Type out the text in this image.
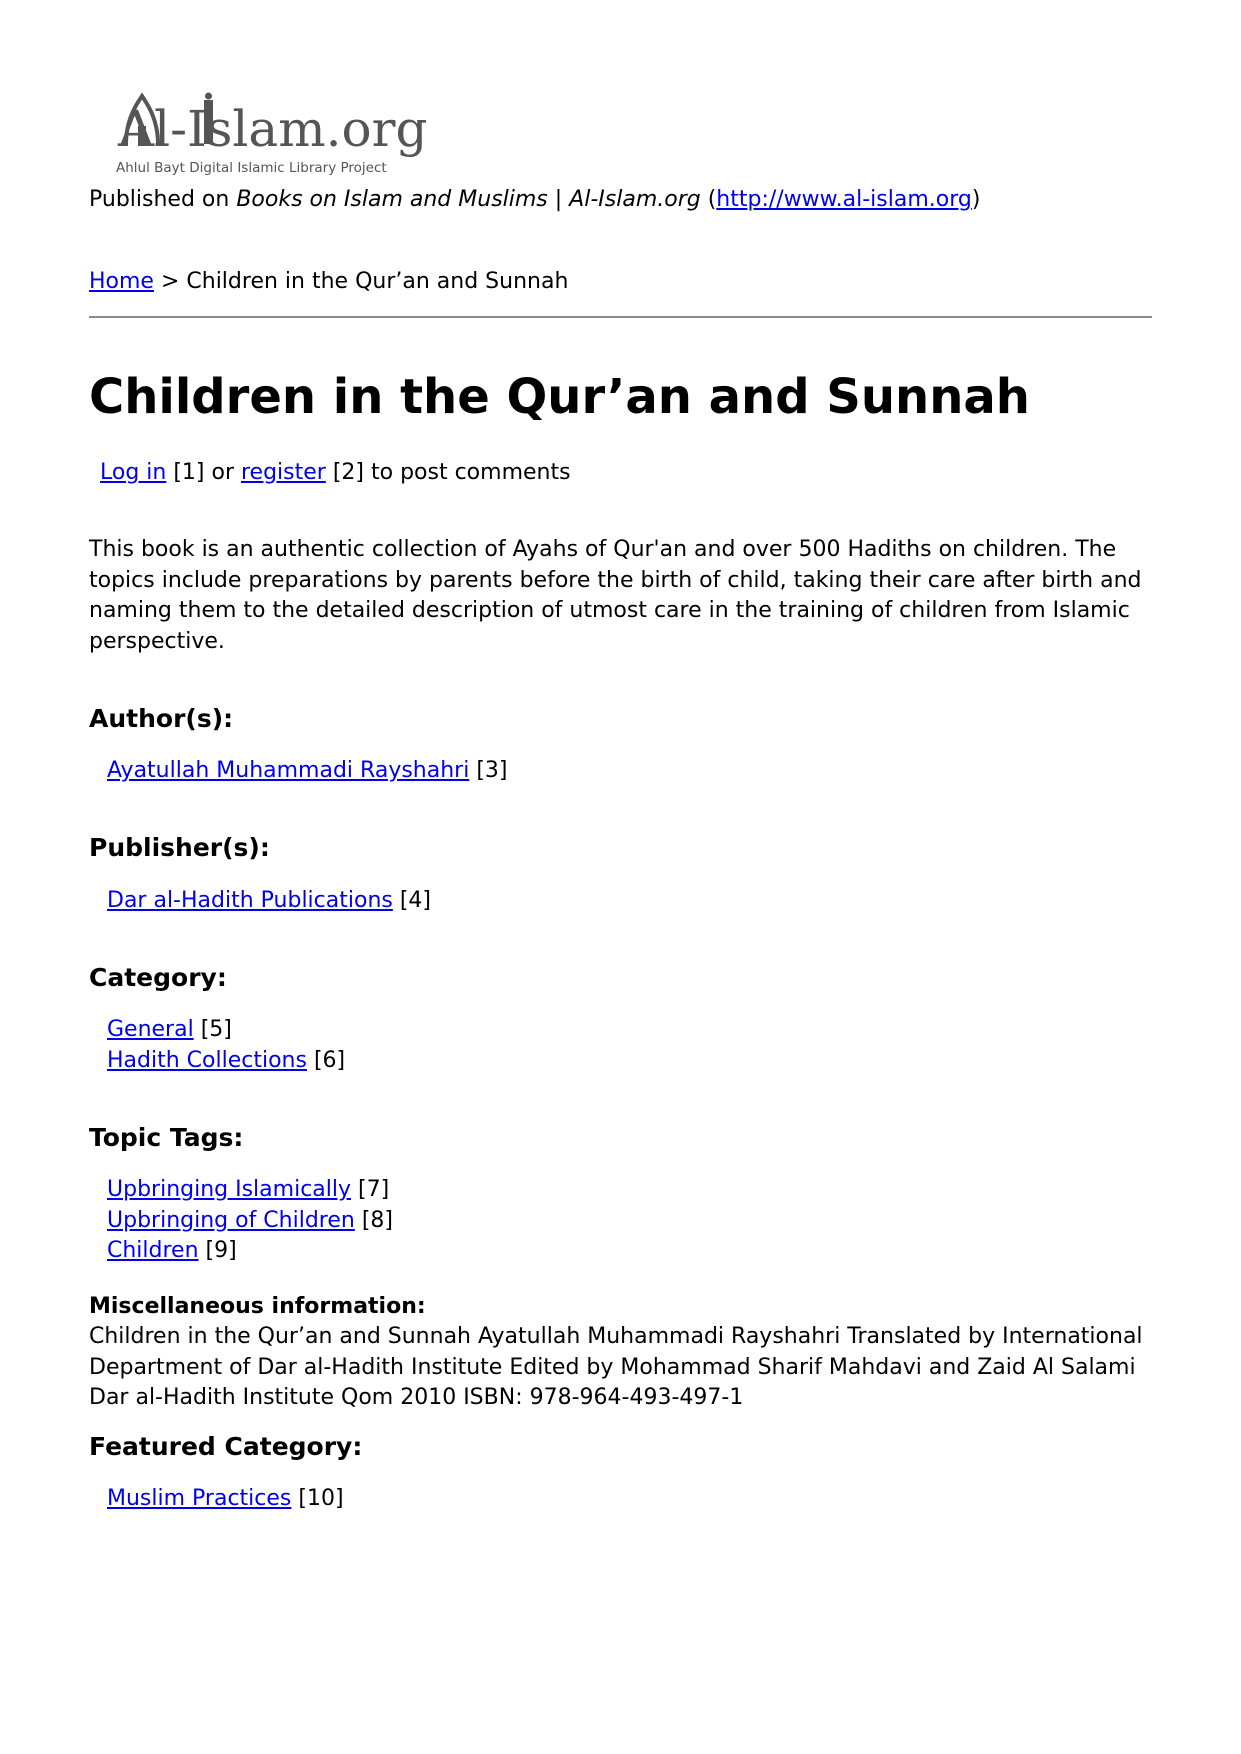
Al-Islam.org
Ahlul Bayt Digital Islamic Library Project
Published on Books on Islam and Muslims | Al-Islam.org (http://www.al-islam.org)
Home > Children in the Qur’an and Sunnah
Children in the Qur’an and Sunnah
Log in [1] or register [2] to post comments

This book is an authentic collection of Ayahs of Qur'an and over 500 Hadiths on children. The topics include preparations by parents before the birth of child, taking their care after birth and naming them to the detailed description of utmost care in the training of children from Islamic perspective.

Author(s):
Ayatullah Muhammadi Rayshahri [3]
Publisher(s):
Dar al-Hadith Publications [4]
Category:
General [5]
Hadith Collections [6]
Topic Tags:
Upbringing Islamically [7]
Upbringing of Children [8]
Children [9]
Miscellaneous information:

Children in the Qur’an and Sunnah Ayatullah Muhammadi Rayshahri Translated by International Department of Dar al-Hadith Institute Edited by Mohammad Sharif Mahdavi and Zaid Al Salami Dar al-Hadith Institute Qom 2010 ISBN: 978-964-493-497-1

Featured Category:
Muslim Practices [10]
